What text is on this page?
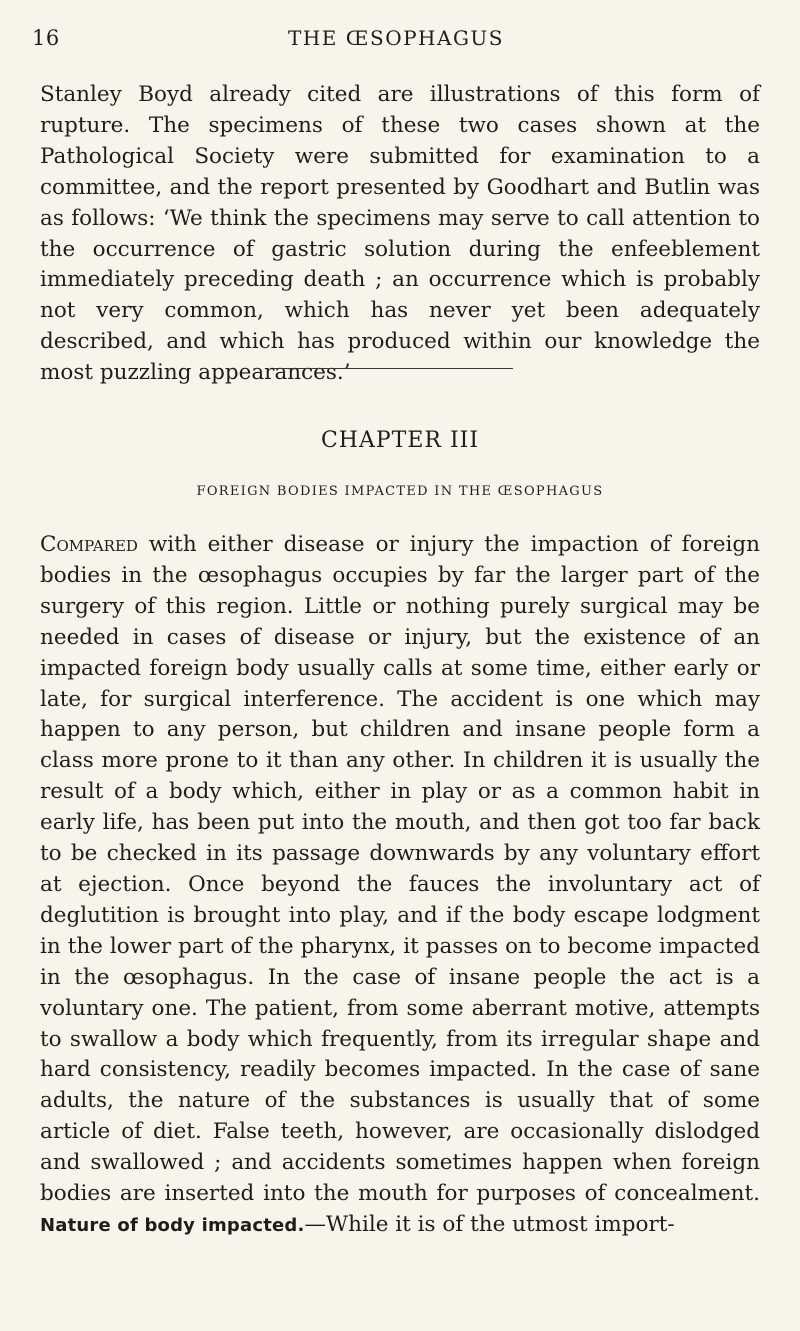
16	THE ŒSOPHAGUS

Stanley Boyd already cited are illustrations of this form of rupture. The specimens of these two cases shown at the Pathological Society were submitted for examination to a committee, and the report presented by Goodhart and Butlin was as follows: ‘We think the specimens may serve to call attention to the occurrence of gastric solution during the enfeeblement immediately preceding death ; an occurrence which is probably not very common, which has never yet been adequately described, and which has produced within our knowledge the most puzzling appearances.’

CHAPTER III
FOREIGN BODIES IMPACTED IN THE ŒSOPHAGUS

Compared with either disease or injury the impaction of foreign bodies in the œsophagus occupies by far the larger part of the surgery of this region. Little or nothing purely surgical may be needed in cases of disease or injury, but the existence of an impacted foreign body usually calls at some time, either early or late, for surgical interference. The accident is one which may happen to any person, but children and insane people form a class more prone to it than any other. In children it is usually the result of a body which, either in play or as a common habit in early life, has been put into the mouth, and then got too far back to be checked in its passage downwards by any voluntary effort at ejection. Once beyond the fauces the involuntary act of deglutition is brought into play, and if the body escape lodgment in the lower part of the pharynx, it passes on to become impacted in the œsophagus. In the case of insane people the act is a voluntary one. The patient, from some aberrant motive, attempts to swallow a body which frequently, from its irregular shape and hard consistency, readily becomes impacted. In the case of sane adults, the nature of the substances is usually that of some article of diet. False teeth, however, are occasionally dislodged and swallowed ; and accidents sometimes happen when foreign bodies are inserted into the mouth for purposes of concealment. Nature of body impacted.—While it is of the utmost import-
